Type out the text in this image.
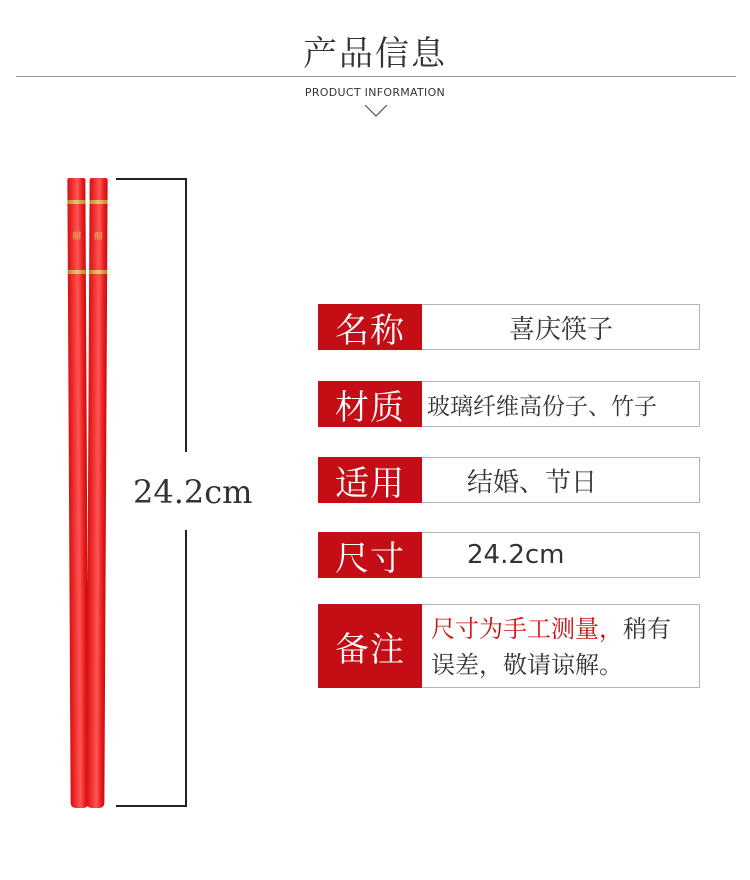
产品信息
PRODUCT INFORMATION
囍	囍
24.2cm
名称	喜庆筷子
材质 玻璃纤维高份子、竹子
适用	结婚、节日
尺寸	24.2cm
备注
尺寸为手工测量，稍有误差，敬请谅解。
